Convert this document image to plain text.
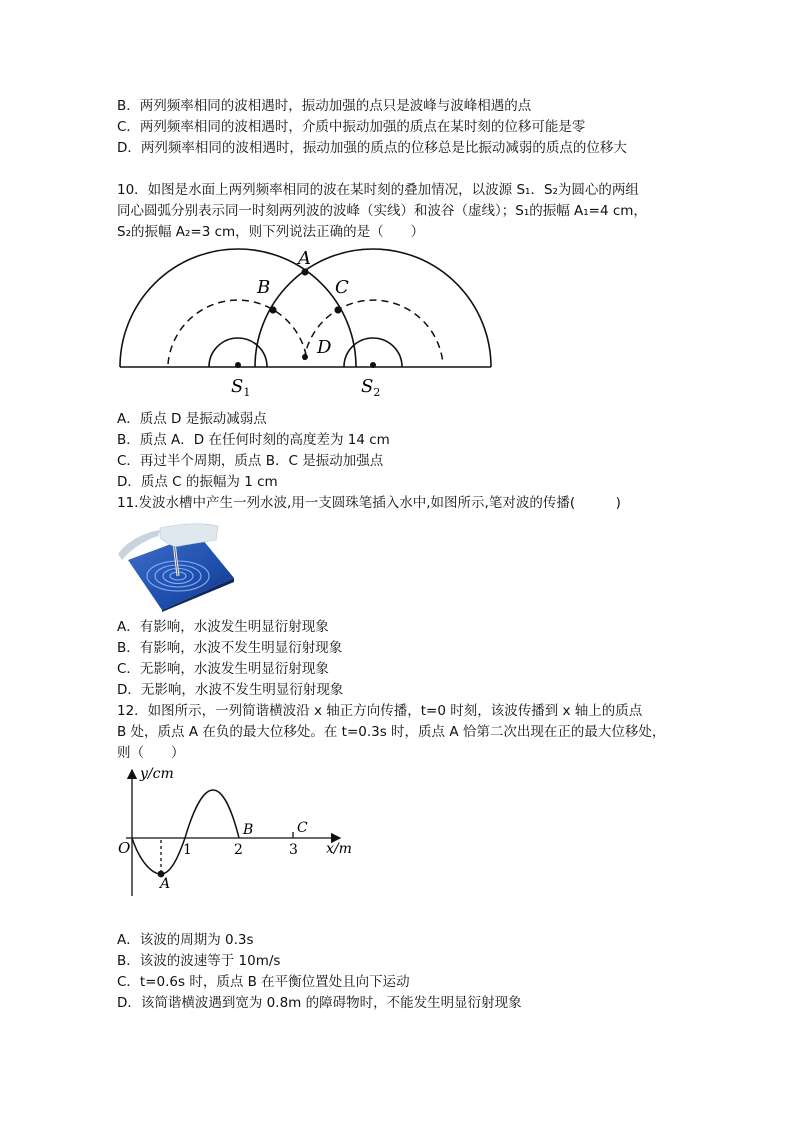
B．两列频率相同的波相遇时，振动加强的点只是波峰与波峰相遇的点
C．两列频率相同的波相遇时，介质中振动加强的质点在某时刻的位移可能是零
D．两列频率相同的波相遇时，振动加强的质点的位移总是比振动减弱的质点的位移大
10．如图是水面上两列频率相同的波在某时刻的叠加情况，以波源 S₁．S₂为圆心的两组
同心圆弧分别表示同一时刻两列波的波峰（实线）和波谷（虚线）；S₁的振幅 A₁=4 cm，
S₂的振幅 A₂=3 cm，则下列说法正确的是（　　）
A
B	C
D
$S_1$	$S_2$
A．质点 D 是振动减弱点
B．质点 A．D 在任何时刻的高度差为 14 cm
C．再过半个周期，质点 B．C 是振动加强点
D．质点 C 的振幅为 1 cm
11.发波水槽中产生一列水波,用一支圆珠笔插入水中,如图所示,笔对波的传播(　　　)
A．有影响，水波发生明显衍射现象
B．有影响，水波不发生明显衍射现象
C．无影响，水波发生明显衍射现象
D．无影响，水波不发生明显衍射现象
12．如图所示，一列简谐横波沿 x 轴正方向传播，t=0 时刻，该波传播到 x 轴上的质点
B 处，质点 A 在负的最大位移处。在 t=0.3s 时，质点 A 恰第二次出现在正的最大位移处，
则（　　）
y/cm
x/m
O	1	2	3
A
B	C
A．该波的周期为 0.3s
B．该波的波速等于 10m/s
C．t=0.6s 时，质点 B 在平衡位置处且向下运动
D．该简谐横波遇到宽为 0.8m 的障碍物时，不能发生明显衍射现象
